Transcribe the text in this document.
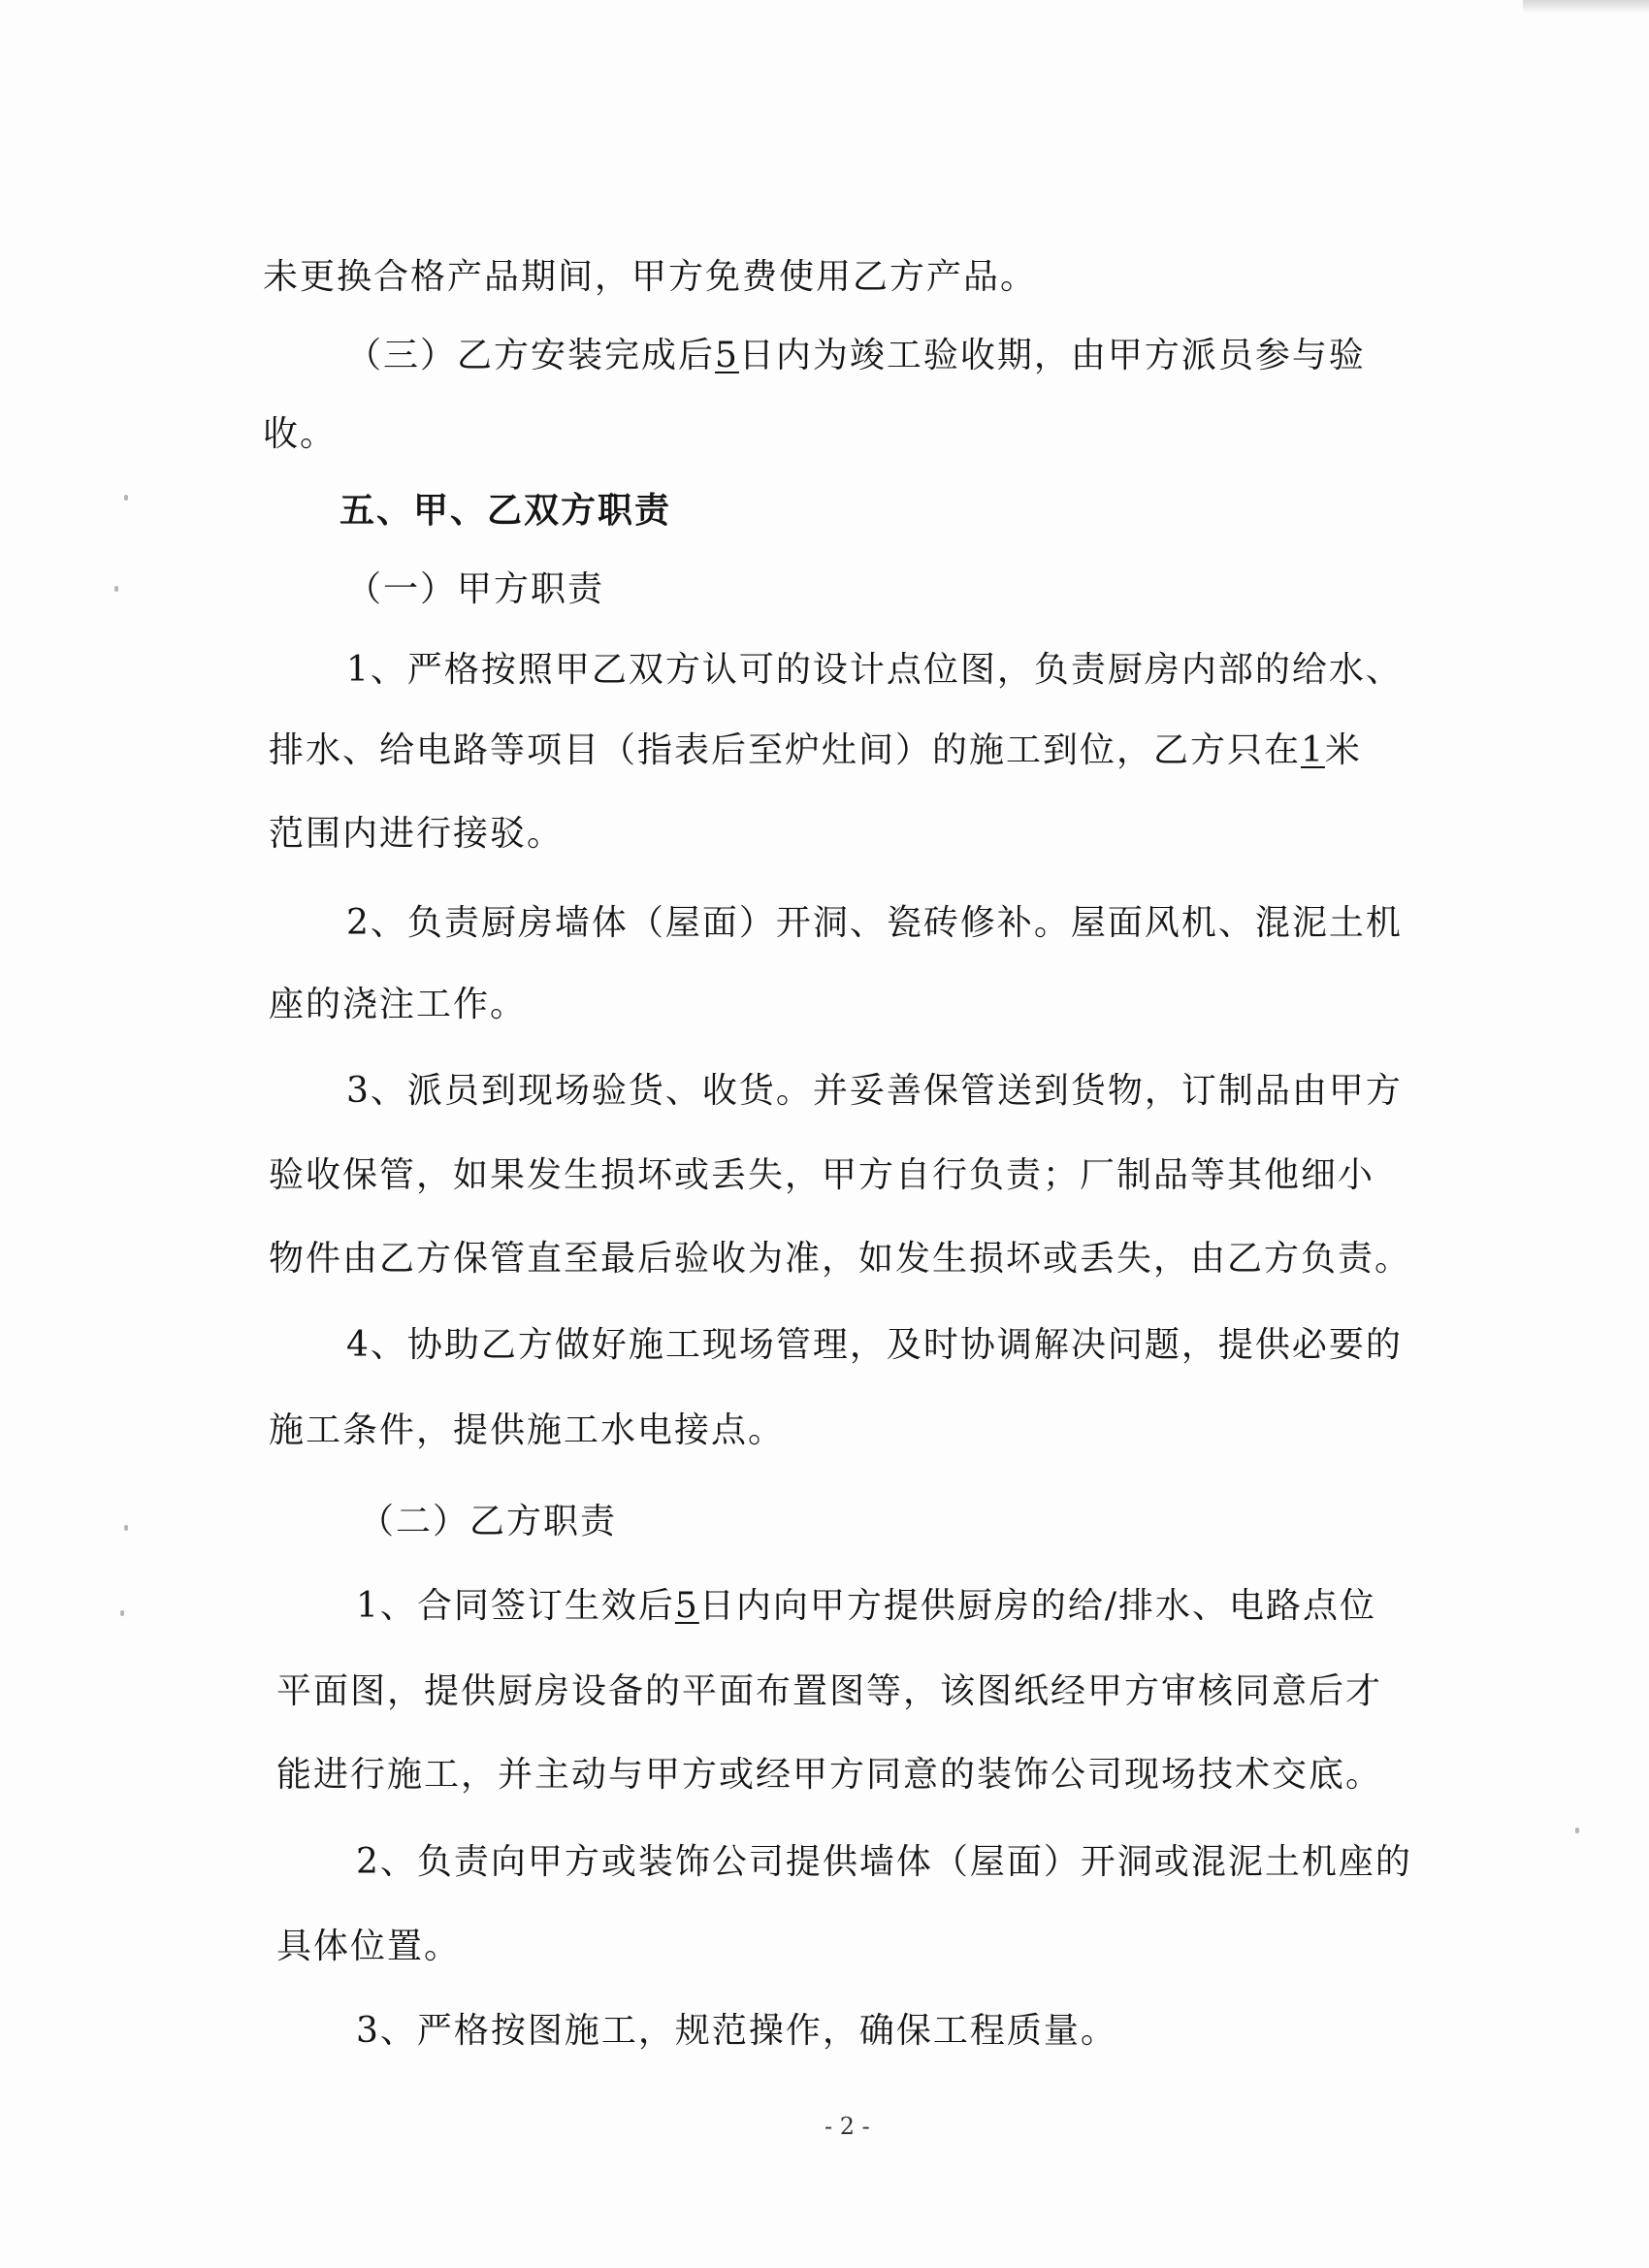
未更换合格产品期间，甲方免费使用乙方产品。
（三）乙方安装完成后5日内为竣工验收期，由甲方派员参与验
收。
五、甲、乙双方职责
（一）甲方职责
1、严格按照甲乙双方认可的设计点位图，负责厨房内部的给水、
排水、给电路等项目（指表后至炉灶间）的施工到位，乙方只在1米
范围内进行接驳。
2、负责厨房墙体（屋面）开洞、瓷砖修补。屋面风机、混泥土机
座的浇注工作。
3、派员到现场验货、收货。并妥善保管送到货物，订制品由甲方
验收保管，如果发生损坏或丢失，甲方自行负责；厂制品等其他细小
物件由乙方保管直至最后验收为准，如发生损坏或丢失，由乙方负责。
4、协助乙方做好施工现场管理，及时协调解决问题，提供必要的
施工条件，提供施工水电接点。
（二）乙方职责
1、合同签订生效后5日内向甲方提供厨房的给/排水、电路点位
平面图，提供厨房设备的平面布置图等，该图纸经甲方审核同意后才
能进行施工，并主动与甲方或经甲方同意的装饰公司现场技术交底。
2、负责向甲方或装饰公司提供墙体（屋面）开洞或混泥土机座的
具体位置。
3、严格按图施工，规范操作，确保工程质量。
- 2 -
